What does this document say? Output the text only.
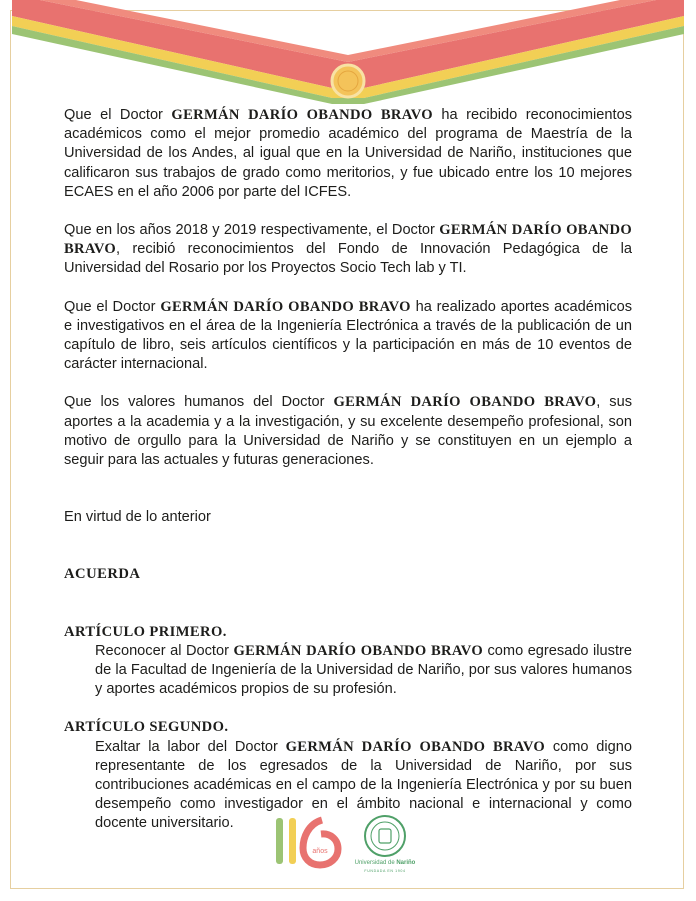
Que el Doctor GERMÁN DARÍO OBANDO BRAVO ha recibido reconocimientos académicos como el mejor promedio académico del programa de Maestría de la Universidad de los Andes, al igual que en la Universidad de Nariño, instituciones que calificaron sus trabajos de grado como meritorios, y fue ubicado entre los 10 mejores ECAES en el año 2006 por parte del ICFES.

Que en los años 2018 y 2019 respectivamente, el Doctor GERMÁN DARÍO OBANDO BRAVO, recibió reconocimientos del Fondo de Innovación Pedagógica de la Universidad del Rosario por los Proyectos Socio Tech lab y TI.

Que el Doctor GERMÁN DARÍO OBANDO BRAVO ha realizado aportes académicos e investigativos en el área de la Ingeniería Electrónica a través de la publicación de un capítulo de libro, seis artículos científicos y la participación en más de 10 eventos de carácter internacional.

Que los valores humanos del Doctor GERMÁN DARÍO OBANDO BRAVO, sus aportes a la academia y a la investigación, y su excelente desempeño profesional, son motivo de orgullo para la Universidad de Nariño y se constituyen en un ejemplo a seguir para las actuales y futuras generaciones.

En virtud de lo anterior

ACUERDA

ARTÍCULO PRIMERO.

Reconocer al Doctor GERMÁN DARÍO OBANDO BRAVO como egresado ilustre de la Facultad de Ingeniería de la Universidad de Nariño, por sus valores humanos y aportes académicos propios de su profesión.

ARTÍCULO SEGUNDO.

Exaltar la labor del Doctor GERMÁN DARÍO OBANDO BRAVO como digno representante de los egresados de la Universidad de Nariño, por sus contribuciones académicas en el campo de la Ingeniería Electrónica y por su buen desempeño como investigador en el ámbito nacional e internacional y como docente universitario.

años
Universidad de Nariño
FUNDADA EN 1904
